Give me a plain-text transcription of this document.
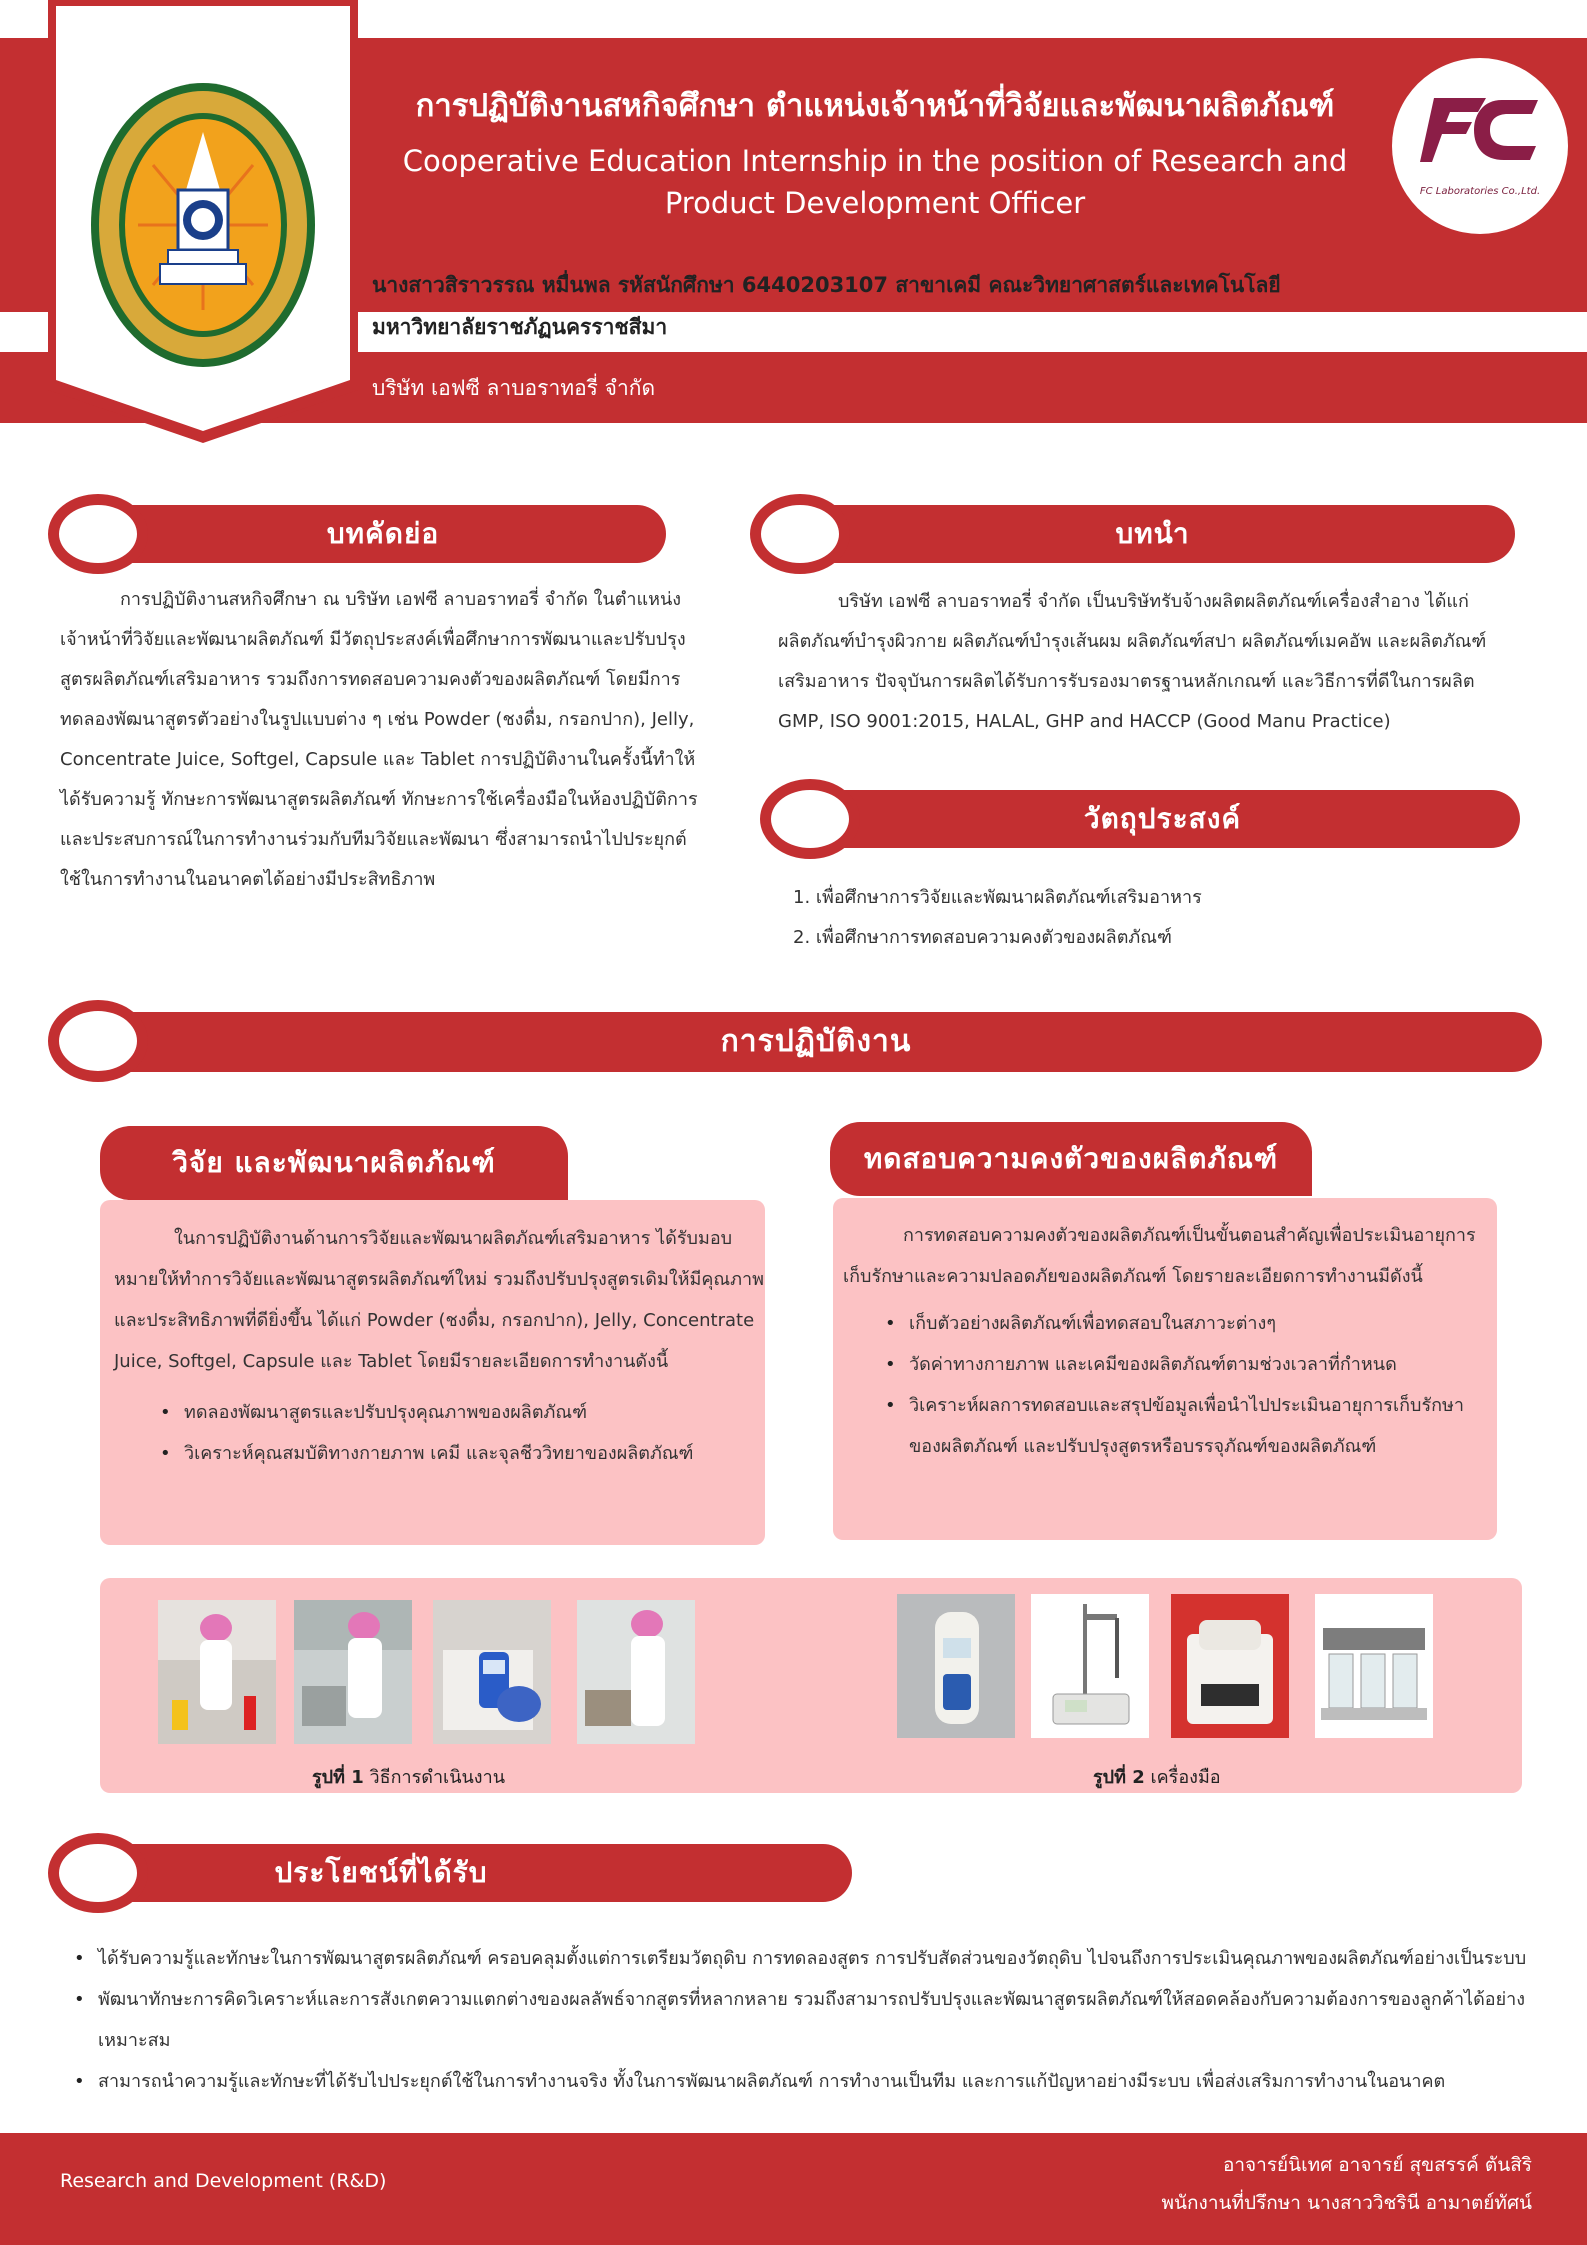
การปฏิบัติงานสหกิจศึกษา ตำแหน่งเจ้าหน้าที่วิจัยและพัฒนาผลิตภัณฑ์
Cooperative Education Internship in the position of Research and
Product Development Officer
นางสาวสิราวรรณ หมื่นพล รหัสนักศึกษา 6440203107 สาขาเคมี คณะวิทยาศาสตร์และเทคโนโลยี
มหาวิทยาลัยราชภัฏนครราชสีมา
บริษัท เอฟซี ลาบอราทอรี่ จำกัด
FC Laboratories Co.,Ltd.
บทคัดย่อ
การปฏิบัติงานสหกิจศึกษา ณ บริษัท เอฟซี ลาบอราทอรี่ จำกัด ในตำแหน่ง
เจ้าหน้าที่วิจัยและพัฒนาผลิตภัณฑ์ มีวัตถุประสงค์เพื่อศึกษาการพัฒนาและปรับปรุง
สูตรผลิตภัณฑ์เสริมอาหาร รวมถึงการทดสอบความคงตัวของผลิตภัณฑ์ โดยมีการ
ทดลองพัฒนาสูตรตัวอย่างในรูปแบบต่าง ๆ เช่น Powder (ชงดื่ม, กรอกปาก), Jelly,
Concentrate Juice, Softgel, Capsule และ Tablet การปฏิบัติงานในครั้งนี้ทำให้
ได้รับความรู้ ทักษะการพัฒนาสูตรผลิตภัณฑ์ ทักษะการใช้เครื่องมือในห้องปฏิบัติการ
และประสบการณ์ในการทำงานร่วมกับทีมวิจัยและพัฒนา ซึ่งสามารถนำไปประยุกต์
ใช้ในการทำงานในอนาคตได้อย่างมีประสิทธิภาพ
บทนำ
บริษัท เอฟซี ลาบอราทอรี่ จำกัด เป็นบริษัทรับจ้างผลิตผลิตภัณฑ์เครื่องสำอาง ได้แก่
ผลิตภัณฑ์บำรุงผิวกาย ผลิตภัณฑ์บำรุงเส้นผม ผลิตภัณฑ์สปา ผลิตภัณฑ์เมคอัพ และผลิตภัณฑ์
เสริมอาหาร ปัจจุบันการผลิตได้รับการรับรองมาตรฐานหลักเกณฑ์ และวิธีการที่ดีในการผลิต
GMP, ISO 9001:2015, HALAL, GHP and HACCP (Good Manu Practice)
วัตถุประสงค์
1. เพื่อศึกษาการวิจัยและพัฒนาผลิตภัณฑ์เสริมอาหาร
2. เพื่อศึกษาการทดสอบความคงตัวของผลิตภัณฑ์
การปฏิบัติงาน
วิจัย และพัฒนาผลิตภัณฑ์
ในการปฏิบัติงานด้านการวิจัยและพัฒนาผลิตภัณฑ์เสริมอาหาร ได้รับมอบ
หมายให้ทำการวิจัยและพัฒนาสูตรผลิตภัณฑ์ใหม่ รวมถึงปรับปรุงสูตรเดิมให้มีคุณภาพ
และประสิทธิภาพที่ดียิ่งขึ้น ได้แก่ Powder (ชงดื่ม, กรอกปาก), Jelly, Concentrate
Juice, Softgel, Capsule และ Tablet โดยมีรายละเอียดการทำงานดังนี้
• ทดลองพัฒนาสูตรและปรับปรุงคุณภาพของผลิตภัณฑ์
• วิเคราะห์คุณสมบัติทางกายภาพ เคมี และจุลชีววิทยาของผลิตภัณฑ์
ทดสอบความคงตัวของผลิตภัณฑ์
การทดสอบความคงตัวของผลิตภัณฑ์เป็นขั้นตอนสำคัญเพื่อประเมินอายุการ
เก็บรักษาและความปลอดภัยของผลิตภัณฑ์ โดยรายละเอียดการทำงานมีดังนี้
• เก็บตัวอย่างผลิตภัณฑ์เพื่อทดสอบในสภาวะต่างๆ
• วัดค่าทางกายภาพ และเคมีของผลิตภัณฑ์ตามช่วงเวลาที่กำหนด
• วิเคราะห์ผลการทดสอบและสรุปข้อมูลเพื่อนำไปประเมินอายุการเก็บรักษา
ของผลิตภัณฑ์ และปรับปรุงสูตรหรือบรรจุภัณฑ์ของผลิตภัณฑ์
รูปที่ 1 วิธีการดำเนินงาน	รูปที่ 2 เครื่องมือ
ประโยชน์ที่ได้รับ
• ได้รับความรู้และทักษะในการพัฒนาสูตรผลิตภัณฑ์ ครอบคลุมตั้งแต่การเตรียมวัตถุดิบ การทดลองสูตร การปรับสัดส่วนของวัตถุดิบ ไปจนถึงการประเมินคุณภาพของผลิตภัณฑ์อย่างเป็นระบบ
• พัฒนาทักษะการคิดวิเคราะห์และการสังเกตความแตกต่างของผลลัพธ์จากสูตรที่หลากหลาย รวมถึงสามารถปรับปรุงและพัฒนาสูตรผลิตภัณฑ์ให้สอดคล้องกับความต้องการของลูกค้าได้อย่าง
เหมาะสม
• สามารถนำความรู้และทักษะที่ได้รับไปประยุกต์ใช้ในการทำงานจริง ทั้งในการพัฒนาผลิตภัณฑ์ การทำงานเป็นทีม และการแก้ปัญหาอย่างมีระบบ เพื่อส่งเสริมการทำงานในอนาคต
Research and Development (R&D)
อาจารย์นิเทศ อาจารย์ สุขสรรค์ ตันสิริ
พนักงานที่ปรึกษา นางสาววิชรินี อามาตย์ทัศน์
